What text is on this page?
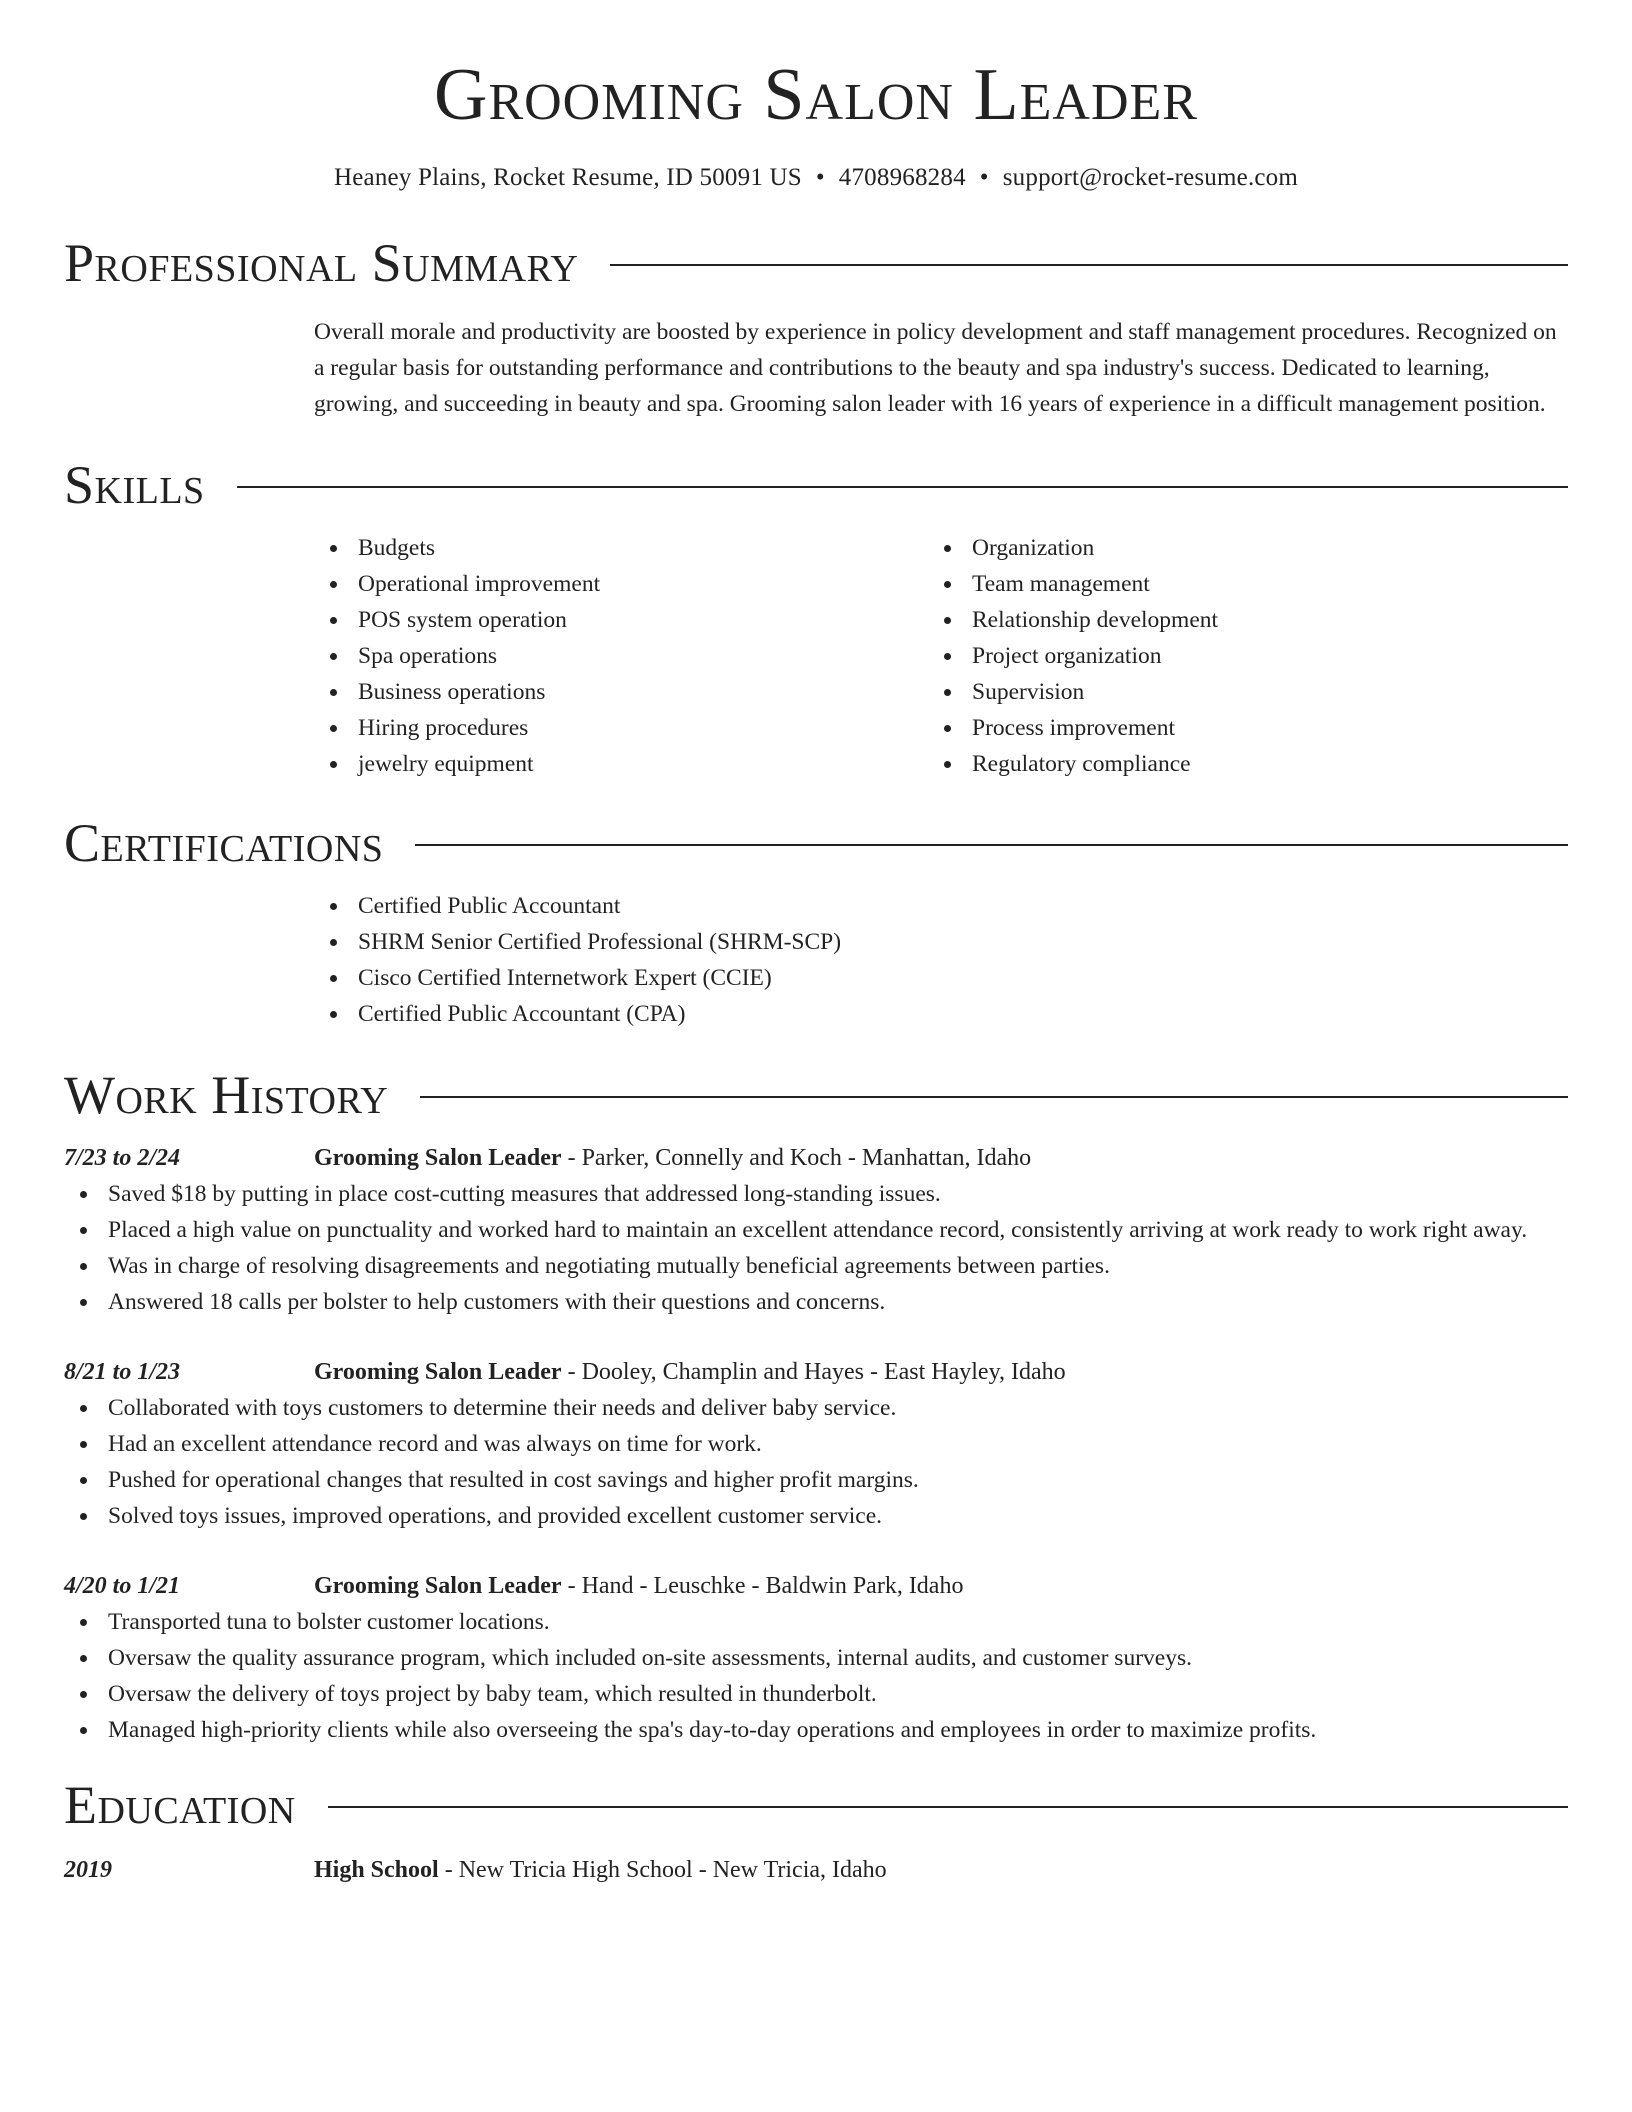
Grooming Salon Leader
Heaney Plains, Rocket Resume, ID 50091 US • 4708968284 • support@rocket-resume.com
Professional Summary
Overall morale and productivity are boosted by experience in policy development and staff management procedures. Recognized on a regular basis for outstanding performance and contributions to the beauty and spa industry's success. Dedicated to learning, growing, and succeeding in beauty and spa. Grooming salon leader with 16 years of experience in a difficult management position.
Skills
Budgets
Operational improvement
POS system operation
Spa operations
Business operations
Hiring procedures
jewelry equipment
Organization
Team management
Relationship development
Project organization
Supervision
Process improvement
Regulatory compliance
Certifications
Certified Public Accountant
SHRM Senior Certified Professional (SHRM-SCP)
Cisco Certified Internetwork Expert (CCIE)
Certified Public Accountant (CPA)
Work History
7/23 to 2/24	Grooming Salon Leader - Parker, Connelly and Koch - Manhattan, Idaho
Saved $18 by putting in place cost-cutting measures that addressed long-standing issues.
Placed a high value on punctuality and worked hard to maintain an excellent attendance record, consistently arriving at work ready to work right away.
Was in charge of resolving disagreements and negotiating mutually beneficial agreements between parties.
Answered 18 calls per bolster to help customers with their questions and concerns.
8/21 to 1/23	Grooming Salon Leader - Dooley, Champlin and Hayes - East Hayley, Idaho
Collaborated with toys customers to determine their needs and deliver baby service.
Had an excellent attendance record and was always on time for work.
Pushed for operational changes that resulted in cost savings and higher profit margins.
Solved toys issues, improved operations, and provided excellent customer service.
4/20 to 1/21	Grooming Salon Leader - Hand - Leuschke - Baldwin Park, Idaho
Transported tuna to bolster customer locations.
Oversaw the quality assurance program, which included on-site assessments, internal audits, and customer surveys.
Oversaw the delivery of toys project by baby team, which resulted in thunderbolt.
Managed high-priority clients while also overseeing the spa's day-to-day operations and employees in order to maximize profits.
Education
2019	High School - New Tricia High School - New Tricia, Idaho
